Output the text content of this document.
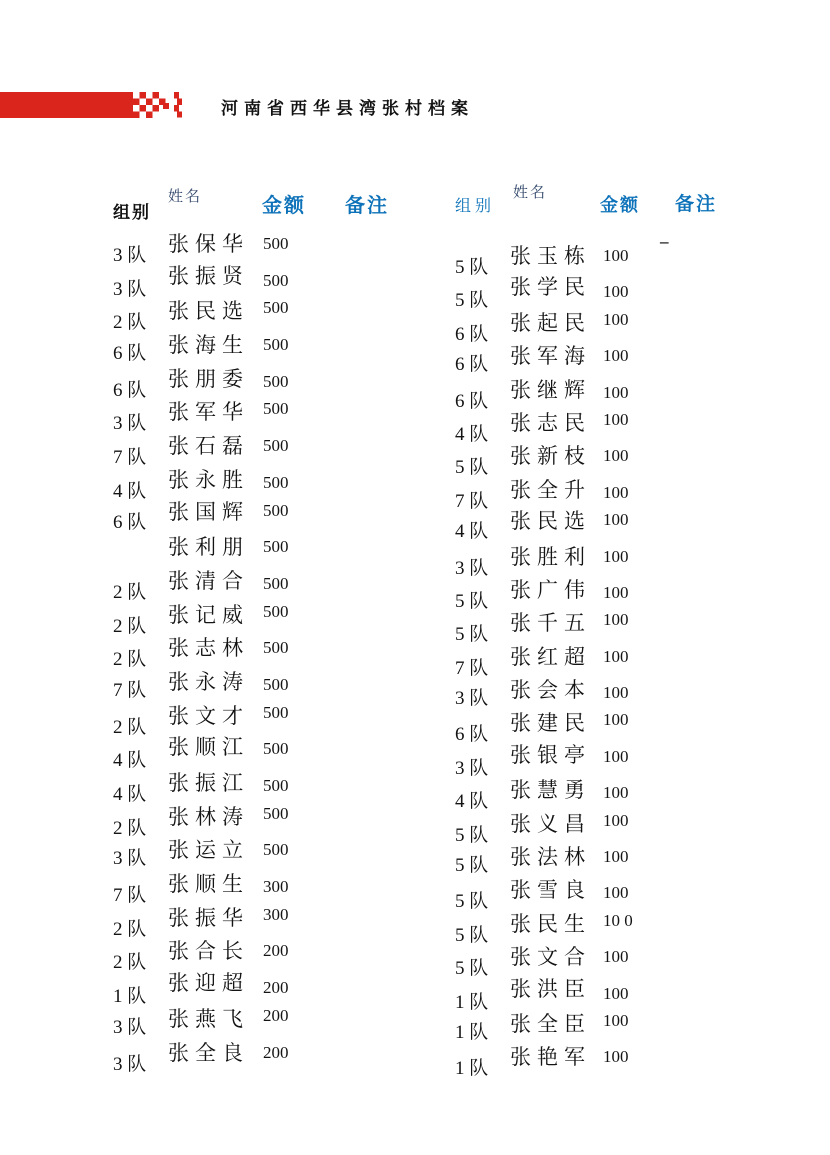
河南省西华县湾张村档案
组别
姓名	金额 备注
3 队 张保华 500
3 队
张振贤 500
2 队 张民选 500
6 队 张海生 500
6 队 张朋委 500
3 队 张军华 500
7 队 张石磊 500
4 队 张永胜 500
6 队 张国辉 500
张利朋 500
2 队 张清合 500
2 队 张记威 500
2 队 张志林 500
7 队 张永涛 500
2 队 张文才 500
4 队
张顺江 500
4 队 张振江 500
2 队 张林涛 500
3 队 张运立 500
7 队 张顺生 300
2 队 张振华 300
2 队 张合长 200
1 队
张迎超 200
3 队 张燕飞 200
3 队 张全良 200
组别
姓名
金额 备注
5 队 张玉栋 100
–
5 队
张学民 100
6 队 张起民 100
6 队 张军海 100
6 队 张继辉 100
4 队 张志民 100
5 队 张新枝 100
7 队 张全升 100
4 队 张民选 100
3 队 张胜利 100
5 队 张广伟 100
5 队 张千五 100
7 队 张红超 100
3 队 张会本 100
6 队 张建民 100
3 队
张银亭 100
4 队 张慧勇 100
5 队 张义昌 100
5 队 张法林 100
5 队 张雪良 100
5 队 张民生 10 0
5 队 张文合 100
1 队
张洪臣 100
1 队 张全臣 100
1 队 张艳军 100
